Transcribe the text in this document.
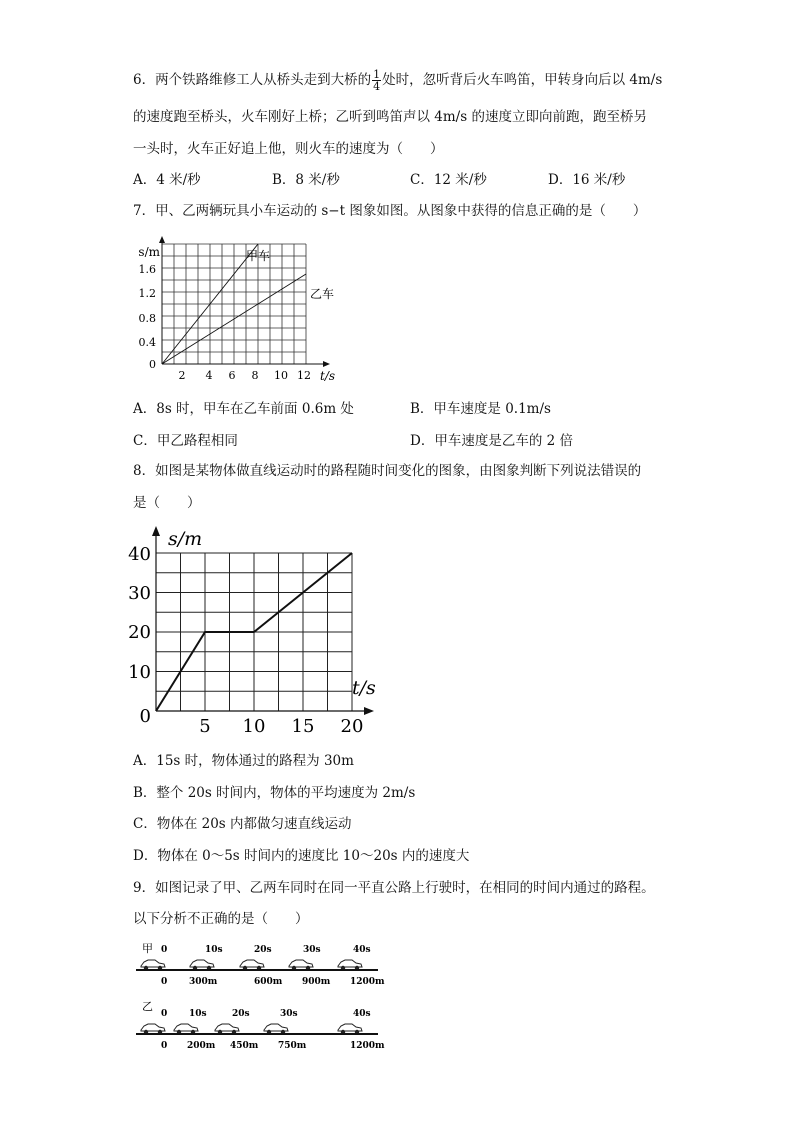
6．两个铁路维修工人从桥头走到大桥的 $\frac{1}{4}$ 处时，忽听背后火车鸣笛，甲转身向后以 4m/s
的速度跑至桥头，火车刚好上桥；乙听到鸣笛声以 4m/s 的速度立即向前跑，跑至桥另
一头时，火车正好追上他，则火车的速度为（　　）
A．4 米/秒	B．8 米/秒	C．12 米/秒	D．16 米/秒
7．甲、乙两辆玩具小车运动的 s−t 图象如图。从图象中获得的信息正确的是（　　）
s/m
t/s
0
0.4
0.8
1.2
1.6
2 4 6 8 10 12
甲车
乙车
A．8s 时，甲车在乙车前面 0.6m 处	B．甲车速度是 0.1m/s
C．甲乙路程相同	D．甲车速度是乙车的 2 倍
8．如图是某物体做直线运动时的路程随时间变化的图象，由图象判断下列说法错误的
是（　　）
s/m
t/s
0
10
20
30
40
5 10 15 20
A．15s 时，物体通过的路程为 30m
B．整个 20s 时间内，物体的平均速度为 2m/s
C．物体在 20s 内都做匀速直线运动
D．物体在 0～5s 时间内的速度比 10～20s 内的速度大
9．如图记录了甲、乙两车同时在同一平直公路上行驶时，在相同的时间内通过的路程。
以下分析不正确的是（　　）
甲 0	10s	20s	30s	40s
0 300m	600m 900m 1200m
乙
0 10s	20s	30s	40s
0 200m 450m 750m	1200m
